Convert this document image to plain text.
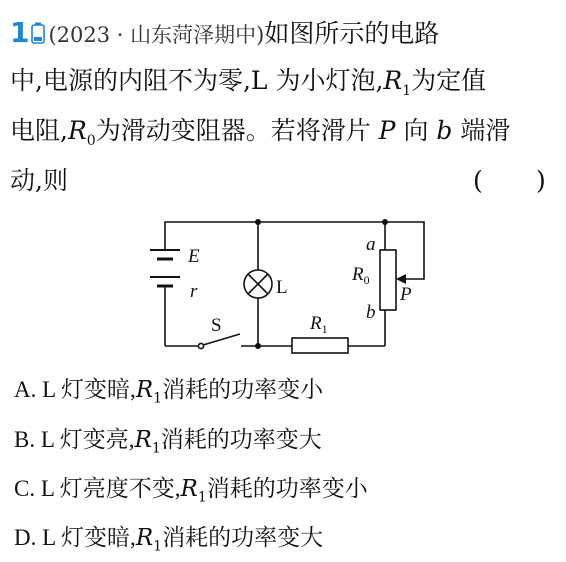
1 (2023 · 山东菏泽期中)如图所示的电路
中,电源的内阻不为零,L 为小灯泡$,R_1$为定值
电阻$,R_0$为滑动变阻器。若将滑片 P 向 b 端滑
动,则	( )
E
r	L
S	$R_1$
a
$R_0$
b
P
A. L 灯变暗$,R_1$消耗的功率变小
B. L 灯变亮$,R_1$消耗的功率变大
C. L 灯亮度不变$,R_1$消耗的功率变小
D. L 灯变暗$,R_1$消耗的功率变大
